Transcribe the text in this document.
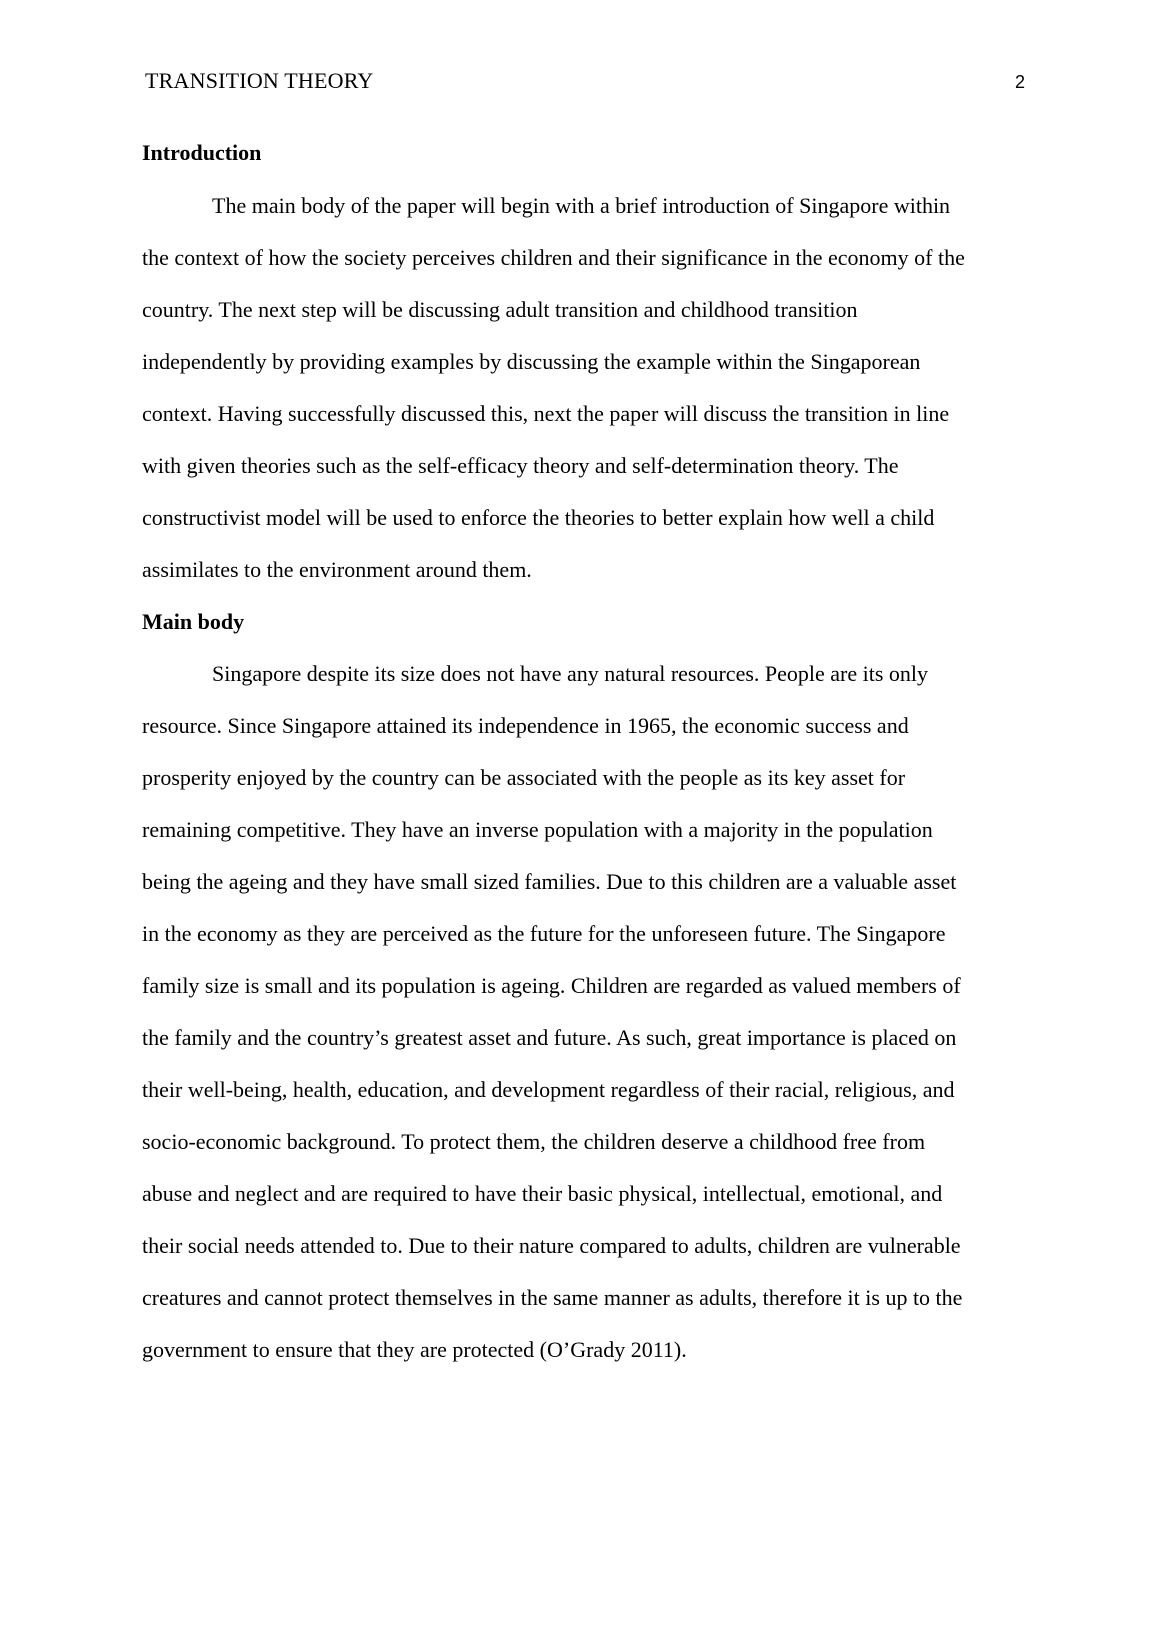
TRANSITION THEORY	2
Introduction
The main body of the paper will begin with a brief introduction of Singapore within
the context of how the society perceives children and their significance in the economy of the
country. The next step will be discussing adult transition and childhood transition
independently by providing examples by discussing the example within the Singaporean
context. Having successfully discussed this, next the paper will discuss the transition in line
with given theories such as the self-efficacy theory and self-determination theory. The
constructivist model will be used to enforce the theories to better explain how well a child
assimilates to the environment around them.
Main body
Singapore despite its size does not have any natural resources. People are its only
resource. Since Singapore attained its independence in 1965, the economic success and
prosperity enjoyed by the country can be associated with the people as its key asset for
remaining competitive. They have an inverse population with a majority in the population
being the ageing and they have small sized families. Due to this children are a valuable asset
in the economy as they are perceived as the future for the unforeseen future. The Singapore
family size is small and its population is ageing. Children are regarded as valued members of
the family and the country’s greatest asset and future. As such, great importance is placed on
their well-being, health, education, and development regardless of their racial, religious, and
socio-economic background. To protect them, the children deserve a childhood free from
abuse and neglect and are required to have their basic physical, intellectual, emotional, and
their social needs attended to. Due to their nature compared to adults, children are vulnerable
creatures and cannot protect themselves in the same manner as adults, therefore it is up to the
government to ensure that they are protected (O’Grady 2011).
